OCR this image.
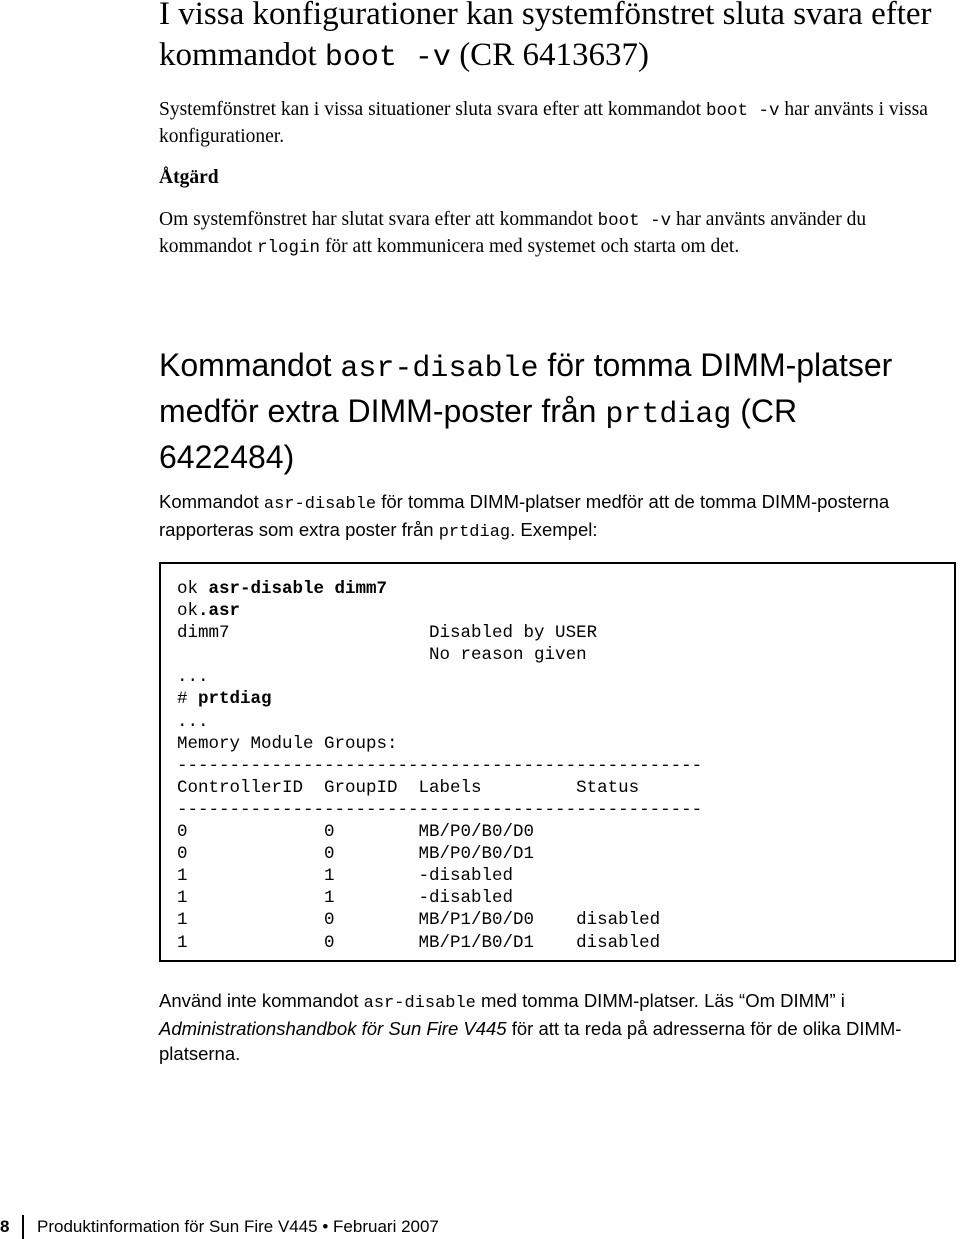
I vissa konfigurationer kan systemfönstret sluta svara efter kommandot boot -v (CR 6413637)

Systemfönstret kan i vissa situationer sluta svara efter att kommandot boot -v har använts i vissa konfigurationer.

Åtgärd

Om systemfönstret har slutat svara efter att kommandot boot -v har använts använder du kommandot rlogin för att kommunicera med systemet och starta om det.

Kommandot asr-disable för tomma DIMM-platser medför extra DIMM-poster från prtdiag (CR 6422484)

Kommandot asr-disable för tomma DIMM-platser medför att de tomma DIMM-posterna rapporteras som extra poster från prtdiag. Exempel:

ok asr-disable dimm7
ok.asr
dimm7                   Disabled by USER
No reason given
...
# prtdiag
...
Memory Module Groups:
--------------------------------------------------
ControllerID  GroupID  Labels         Status
--------------------------------------------------
0             0        MB/P0/B0/D0
0             0        MB/P0/B0/D1
1             1        -disabled
1             1        -disabled
1             0        MB/P1/B0/D0    disabled
1             0        MB/P1/B0/D1    disabled

Använd inte kommandot asr-disable med tomma DIMM-platser. Läs “Om DIMM” i Administrationshandbok för Sun Fire V445 för att ta reda på adresserna för de olika DIMM-platserna.

8 Produktinformation för Sun Fire V445 • Februari 2007
